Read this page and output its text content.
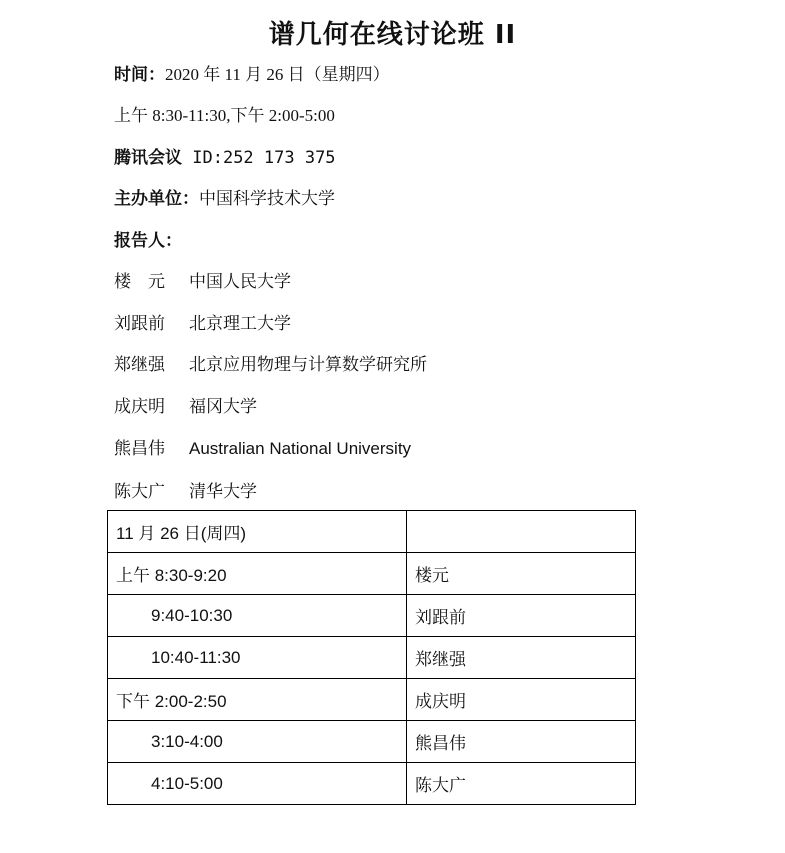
谱几何在线讨论班 II
时间：2020 年 11 月 26 日（星期四）
上午 8:30-11:30,下午 2:00-5:00
腾讯会议 ID:252 173 375
主办单位：中国科学技术大学
报告人：
楼　元 中国人民大学
刘跟前 北京理工大学
郑继强 北京应用物理与计算数学研究所
成庆明 福冈大学
熊昌伟 Australian National University
陈大广 清华大学
11 月 26 日(周四)	
上午 8:30-9:20	楼元
9:40-10:30	刘跟前
10:40-11:30	郑继强
下午 2:00-2:50	成庆明
3:10-4:00	熊昌伟
4:10-5:00	陈大广
